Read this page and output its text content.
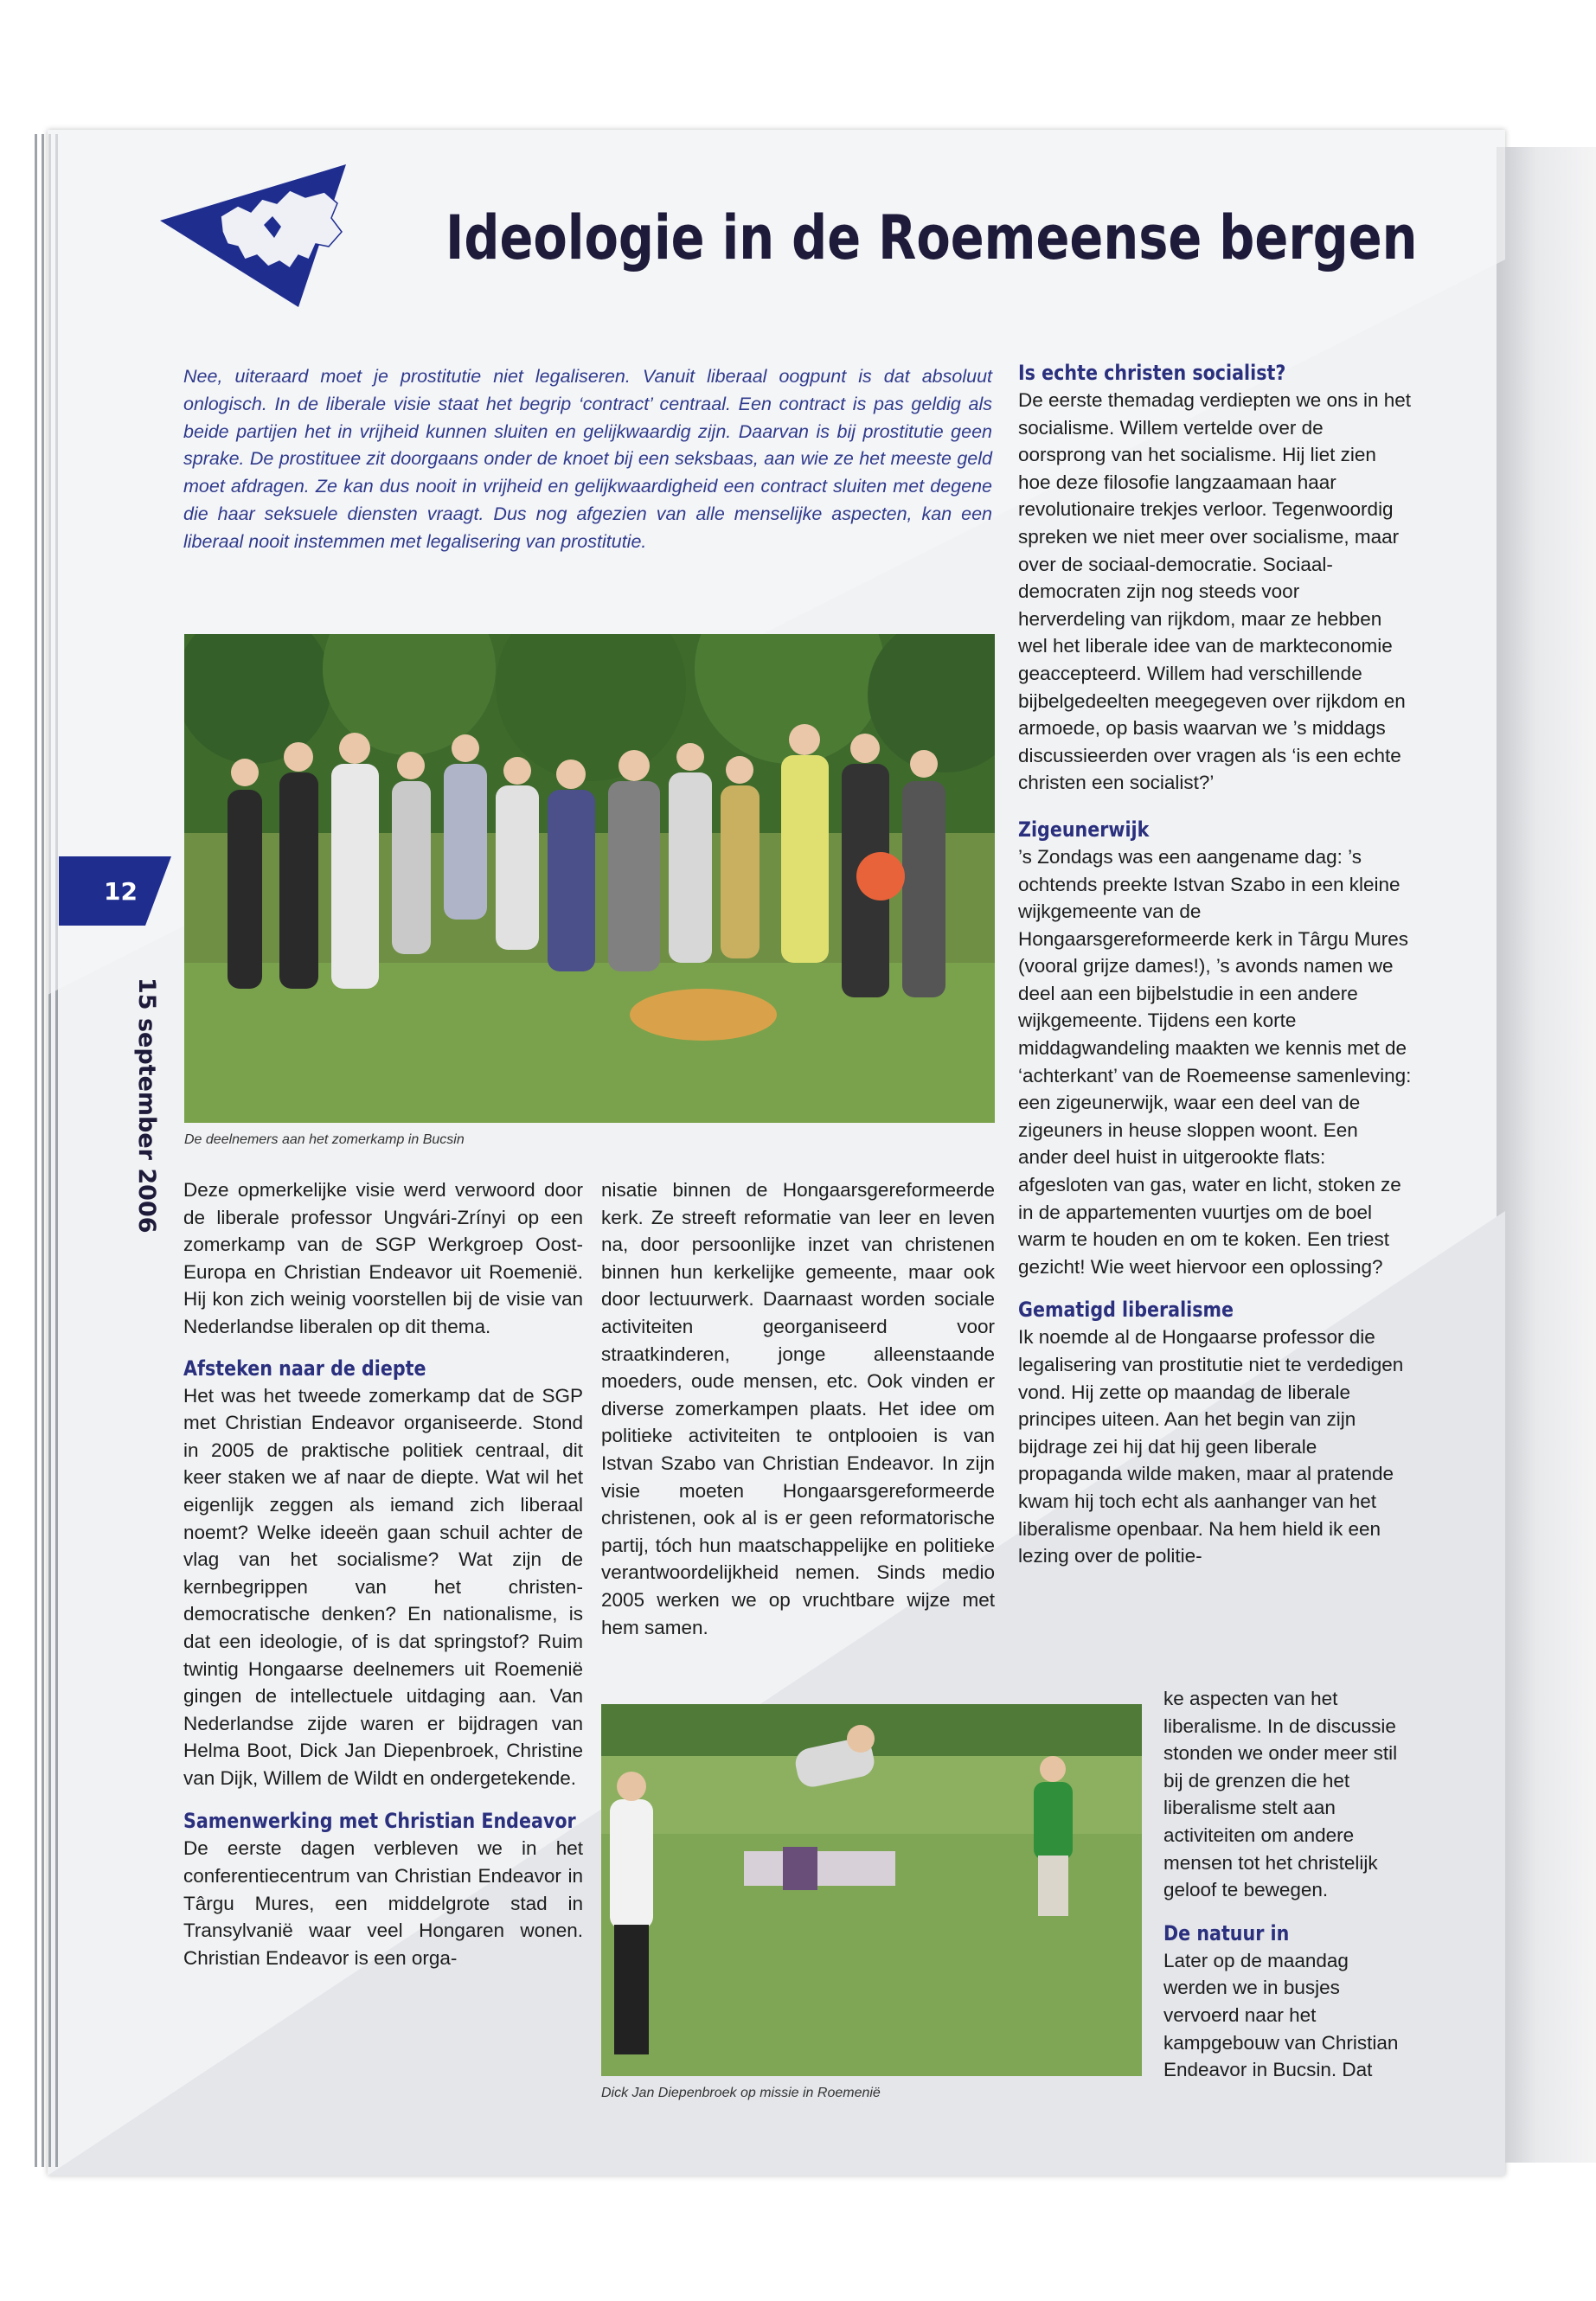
Ideologie in de Roemeense bergen
Nee, uiteraard moet je prostitutie niet legaliseren. Vanuit liberaal oogpunt is dat absoluut onlogisch. In de liberale visie staat het begrip ‘contract’ centraal. Een contract is pas geldig als beide partijen het in vrijheid kunnen sluiten en gelijkwaardig zijn. Daarvan is bij prostitutie geen sprake. De prostituee zit doorgaans onder de knoet bij een seksbaas, aan wie ze het meeste geld moet afdragen. Ze kan dus nooit in vrijheid en gelijkwaardigheid een contract sluiten met degene die haar seksuele diensten vraagt. Dus nog afgezien van alle menselijke aspecten, kan een liberaal nooit instemmen met legalisering van prostitutie.
De deelnemers aan het zomerkamp in Bucsin

Deze opmerkelijke visie werd verwoord door de liberale professor Ungvári-Zrínyi op een zomerkamp van de SGP Werkgroep Oost-Europa en Christian Endeavor uit Roemenië. Hij kon zich weinig voorstellen bij de visie van Nederlandse liberalen op dit thema.

Afsteken naar de diepte

Het was het tweede zomerkamp dat de SGP met Christian Endeavor organiseerde. Stond in 2005 de praktische politiek centraal, dit keer staken we af naar de diepte. Wat wil het eigenlijk zeggen als iemand zich liberaal noemt? Welke ideeën gaan schuil achter de vlag van het socialisme? Wat zijn de kernbegrippen van het christen-democratische denken? En nationalisme, is dat een ideologie, of is dat springstof? Ruim twintig Hongaarse deelnemers uit Roemenië gingen de intellectuele uitdaging aan. Van Nederlandse zijde waren er bijdragen van Helma Boot, Dick Jan Diepenbroek, Christine van Dijk, Willem de Wildt en ondergetekende.

Samenwerking met Christian Endeavor

De eerste dagen verbleven we in het conferentiecentrum van Christian Endeavor in Târgu Mures, een middelgrote stad in Transylvanië waar veel Hongaren wonen. Christian Endeavor is een orga-

nisatie binnen de Hongaarsgereformeerde kerk. Ze streeft reformatie van leer en leven na, door persoonlijke inzet van christenen binnen hun kerkelijke gemeente, maar ook door lectuurwerk. Daarnaast worden sociale activiteiten georganiseerd voor straatkinderen, jonge alleenstaande moeders, oude mensen, etc. Ook vinden er diverse zomerkampen plaats. Het idee om politieke activiteiten te ontplooien is van Istvan Szabo van Christian Endeavor. In zijn visie moeten Hongaarsgereformeerde christenen, ook al is er geen reformatorische partij, tóch hun maatschappelijke en politieke verantwoordelijkheid nemen. Sinds medio 2005 werken we op vruchtbare wijze met hem samen.

Dick Jan Diepenbroek op missie in Roemenië
Is echte christen socialist?

De eerste themadag verdiepten we ons in het socialisme. Willem vertelde over de oorsprong van het socialisme. Hij liet zien hoe deze filosofie langzaamaan haar revolutionaire trekjes verloor. Tegenwoordig spreken we niet meer over socialisme, maar over de sociaal-democratie. Sociaal-democraten zijn nog steeds voor herverdeling van rijkdom, maar ze hebben wel het liberale idee van de markteconomie geaccepteerd. Willem had verschillende bijbelgedeelten meegegeven over rijkdom en armoede, op basis waarvan we ’s middags discussieerden over vragen als ‘is een echte christen een socialist?’

Zigeunerwijk

’s Zondags was een aangename dag: ’s ochtends preekte Istvan Szabo in een kleine wijkgemeente van de Hongaarsgereformeerde kerk in Târgu Mures (vooral grijze dames!), ’s avonds namen we deel aan een bijbelstudie in een andere wijkgemeente. Tijdens een korte middagwandeling maakten we kennis met de ‘achterkant’ van de Roemeense samenleving: een zigeunerwijk, waar een deel van de zigeuners in heuse sloppen woont. Een ander deel huist in uitgerookte flats: afgesloten van gas, water en licht, stoken ze in de appartementen vuurtjes om de boel warm te houden en om te koken. Een triest gezicht! Wie weet hiervoor een oplossing?

Gematigd liberalisme

Ik noemde al de Hongaarse professor die legalisering van prostitutie niet te verdedigen vond. Hij zette op maandag de liberale principes uiteen. Aan het begin van zijn bijdrage zei hij dat hij geen liberale propaganda wilde maken, maar al pratende kwam hij toch echt als aanhanger van het liberalisme openbaar. Na hem hield ik een lezing over de politie-

ke aspecten van het liberalisme. In de discussie stonden we onder meer stil bij de grenzen die het liberalisme stelt aan activiteiten om andere mensen tot het christelijk geloof te bewegen.

De natuur in

Later op de maandag werden we in busjes vervoerd naar het kampgebouw van Christian Endeavor in Bucsin. Dat

12
15 september 2006
